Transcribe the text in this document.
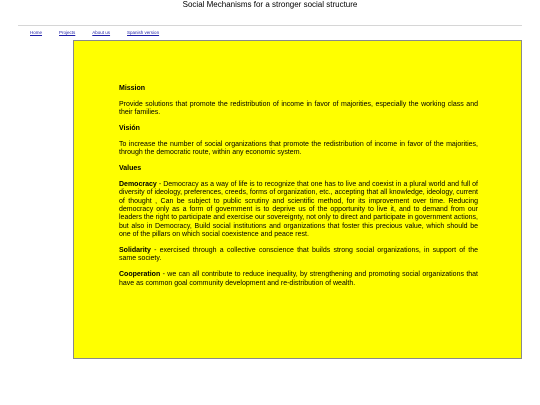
Social Mechanisms for a stronger social structure
Home	Projects	About us	Spanish version
Mission

Provide solutions that promote the redistribution of income in favor of majorities, especially the working class and their families.

Visión

To increase the number of social organizations that promote the redistribution of income in favor of the majorities, through the democratic route, within any economic system.

Values

Democracy - Democracy as a way of life is to recognize that one has to live and coexist in a plural world and full of diversity of ideology, preferences, creeds, forms of organization, etc., accepting that all knowledge, ideology, current of thought , Can be subject to public scrutiny and scientific method, for its improvement over time. Reducing democracy only as a form of government is to deprive us of the opportunity to live it, and to demand from our leaders the right to participate and exercise our sovereignty, not only to direct and participate in government actions, but also in Democracy, Build social institutions and organizations that foster this precious value, which should be one of the pillars on which social coexistence and peace rest.

Solidarity - exercised through a collective conscience that builds strong social organizations, in support of the same society.

Cooperation - we can all contribute to reduce inequality, by strengthening and promoting social organizations that have as common goal community development and re-distribution of wealth.
